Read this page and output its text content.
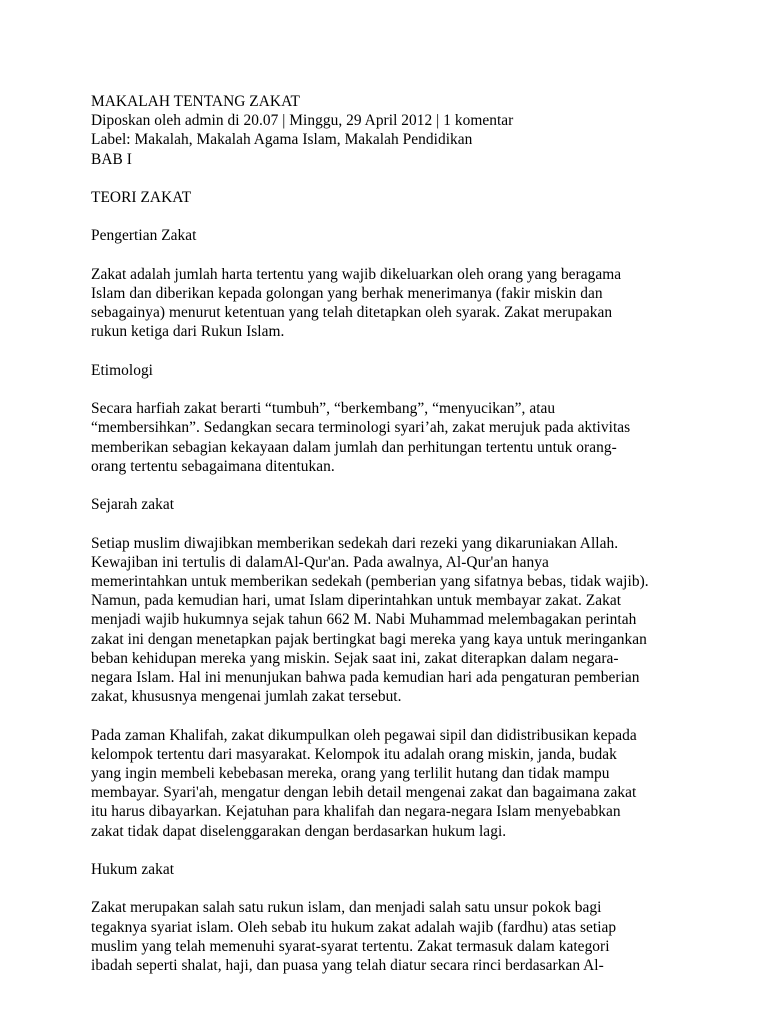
MAKALAH TENTANG ZAKAT
Diposkan oleh admin di 20.07 | Minggu, 29 April 2012 | 1 komentar
Label: Makalah, Makalah Agama Islam, Makalah Pendidikan
BAB I
TEORI ZAKAT
Pengertian Zakat
Zakat adalah jumlah harta tertentu yang wajib dikeluarkan oleh orang yang beragama
Islam dan diberikan kepada golongan yang berhak menerimanya (fakir miskin dan
sebagainya) menurut ketentuan yang telah ditetapkan oleh syarak. Zakat merupakan
rukun ketiga dari Rukun Islam.
Etimologi
Secara harfiah zakat berarti “tumbuh”, “berkembang”, “menyucikan”, atau
“membersihkan”. Sedangkan secara terminologi syari’ah, zakat merujuk pada aktivitas
memberikan sebagian kekayaan dalam jumlah dan perhitungan tertentu untuk orang-
orang tertentu sebagaimana ditentukan.
Sejarah zakat
Setiap muslim diwajibkan memberikan sedekah dari rezeki yang dikaruniakan Allah.
Kewajiban ini tertulis di dalamAl-Qur'an. Pada awalnya, Al-Qur'an hanya
memerintahkan untuk memberikan sedekah (pemberian yang sifatnya bebas, tidak wajib).
Namun, pada kemudian hari, umat Islam diperintahkan untuk membayar zakat. Zakat
menjadi wajib hukumnya sejak tahun 662 M. Nabi Muhammad melembagakan perintah
zakat ini dengan menetapkan pajak bertingkat bagi mereka yang kaya untuk meringankan
beban kehidupan mereka yang miskin. Sejak saat ini, zakat diterapkan dalam negara-
negara Islam. Hal ini menunjukan bahwa pada kemudian hari ada pengaturan pemberian
zakat, khususnya mengenai jumlah zakat tersebut.
Pada zaman Khalifah, zakat dikumpulkan oleh pegawai sipil dan didistribusikan kepada
kelompok tertentu dari masyarakat. Kelompok itu adalah orang miskin, janda, budak
yang ingin membeli kebebasan mereka, orang yang terlilit hutang dan tidak mampu
membayar. Syari'ah, mengatur dengan lebih detail mengenai zakat dan bagaimana zakat
itu harus dibayarkan. Kejatuhan para khalifah dan negara-negara Islam menyebabkan
zakat tidak dapat diselenggarakan dengan berdasarkan hukum lagi.
Hukum zakat
Zakat merupakan salah satu rukun islam, dan menjadi salah satu unsur pokok bagi
tegaknya syariat islam. Oleh sebab itu hukum zakat adalah wajib (fardhu) atas setiap
muslim yang telah memenuhi syarat-syarat tertentu. Zakat termasuk dalam kategori
ibadah seperti shalat, haji, dan puasa yang telah diatur secara rinci berdasarkan Al-
